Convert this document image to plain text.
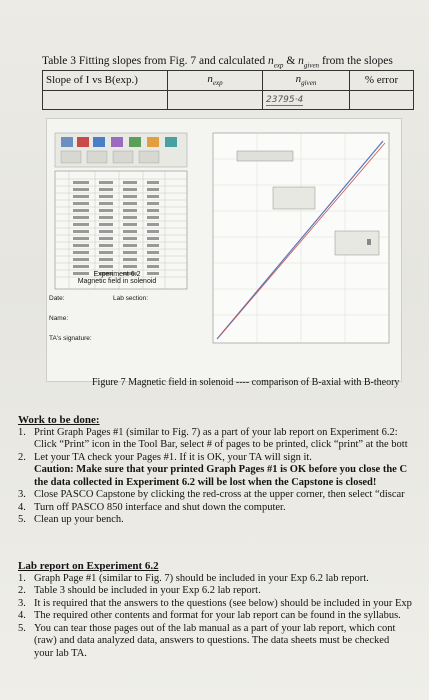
Table 3 Fitting slopes from Fig. 7 and calculated $n_{exp}$ & $n_{given}$ from the slopes
Slope of I vs B(exp.)	$n_{exp}$	$n_{given}$	% error
		23795·4	
Experiment 6.2
Magnetic field in solenoid
Date:	Lab section:
Name:
TA's signature:
Figure 7 Magnetic field in solenoid ---- comparison of B-axial with B-theory
Work to be done:
1. Print Graph Pages #1 (similar to Fig. 7) as a part of your lab report on Experiment 6.2:
Click “Print” icon in the Tool Bar, select # of pages to be printed, click “print” at the bott
2. Let your TA check your Pages #1. If it is OK, your TA will sign it.
Caution: Make sure that your printed Graph Pages #1 is OK before you close the C
the data collected in Experiment 6.2 will be lost when the Capstone is closed!
3. Close PASCO Capstone by clicking the red-cross at the upper corner, then select “discar
4. Turn off PASCO 850 interface and shut down the computer.
5. Clean up your bench.
Lab report on Experiment 6.2
1. Graph Page #1 (similar to Fig. 7) should be included in your Exp 6.2 lab report.
2. Table 3 should be included in your Exp 6.2 lab report.
3. It is required that the answers to the questions (see below) should be included in your Exp
4. The required other contents and format for your lab report can be found in the syllabus.
5. You can tear those pages out of the lab manual as a part of your lab report, which cont
(raw) and data analyzed data, answers to questions. The data sheets must be checked
your lab TA.
